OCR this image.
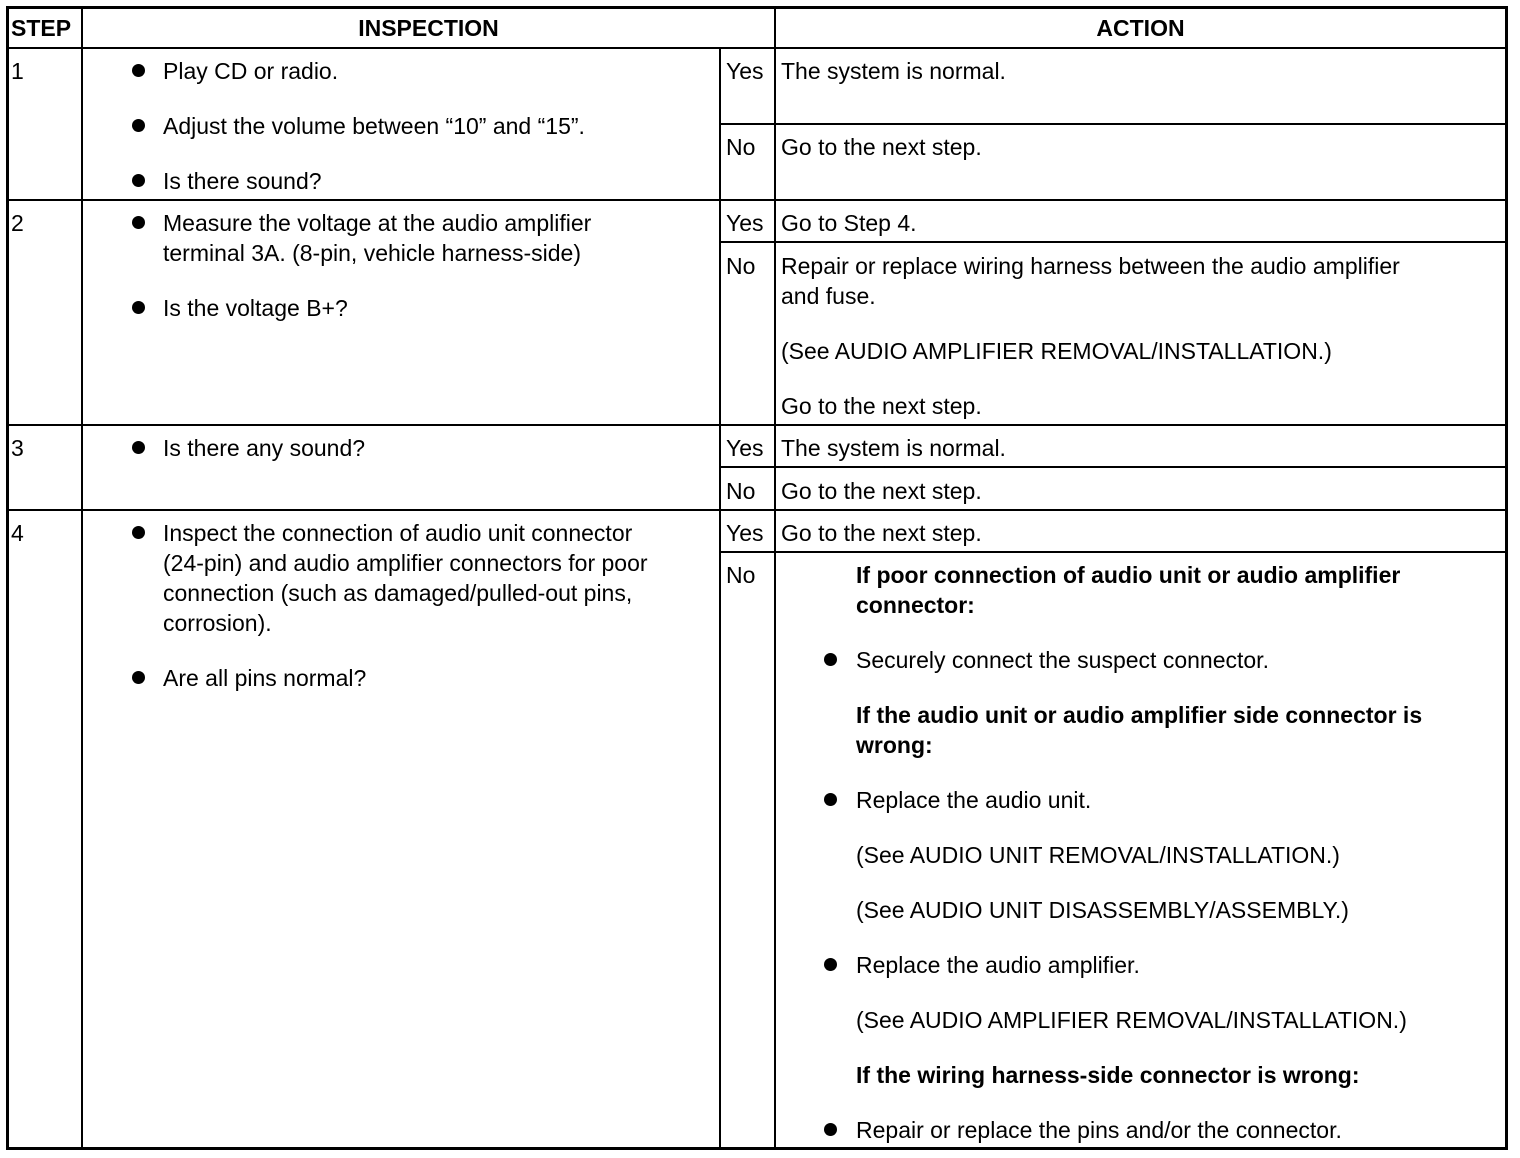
STEP	INSPECTION	ACTION
1	Play CD or radio.
Adjust the volume between “10” and “15”.
Is there sound?
Yes The system is normal.
No Go to the next step.
2	Measure the voltage at the audio amplifier
terminal 3A. (8-pin, vehicle harness-side)
Is the voltage B+?
Yes Go to Step 4.
No Repair or replace wiring harness between the audio amplifier
and fuse.
(See AUDIO AMPLIFIER REMOVAL/INSTALLATION.)
Go to the next step.
3	Is there any sound?	Yes The system is normal.
No Go to the next step.
4	Inspect the connection of audio unit connector
(24-pin) and audio amplifier connectors for poor
connection (such as damaged/pulled-out pins,
corrosion).
Are all pins normal?
Yes Go to the next step.
No	If poor connection of audio unit or audio amplifier
connector:
Securely connect the suspect connector.
If the audio unit or audio amplifier side connector is
wrong:
Replace the audio unit.
(See AUDIO UNIT REMOVAL/INSTALLATION.)
(See AUDIO UNIT DISASSEMBLY/ASSEMBLY.)
Replace the audio amplifier.
(See AUDIO AMPLIFIER REMOVAL/INSTALLATION.)
If the wiring harness-side connector is wrong:
Repair or replace the pins and/or the connector.
